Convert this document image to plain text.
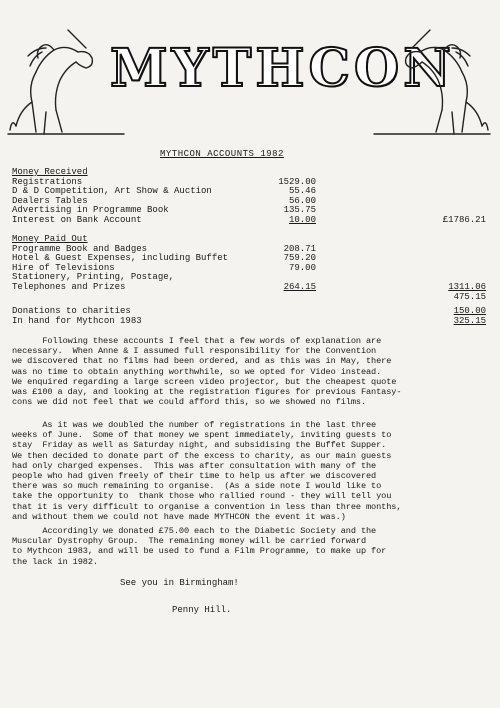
MYTHCON
MYTHCON ACCOUNTS 1982
Money Received
Registrations	1529.00
D & D Competition, Art Show & Auction	55.46
Dealers Tables	56.00
Advertising in Programme Book	135.75
Interest on Bank Account	10.00	£1786.21
Money Paid Out
Programme Book and Badges	208.71
Hotel & Guest Expenses, including Buffet	759.20
Hire of Televisions	79.00
Stationery, Printing, Postage,
Telephones and Prizes	264.15	1311.06
475.15
Donations to charities	150.00
In hand for Mythcon 1983	325.15
Following these accounts I feel that a few words of explanation are
necessary.  When Anne & I assumed full responsibility for the Convention
we discovered that no films had been ordered, and as this was in May, there
was no time to obtain anything worthwhile, so we opted for Video instead.
We enquired regarding a large screen video projector, but the cheapest quote
was £100 a day, and looking at the registration figures for previous Fantasy-
cons we did not feel that we could afford this, so we showed no films.
As it was we doubled the number of registrations in the last three
weeks of June.  Some of that money we spent immediately, inviting guests to
stay  Friday as well as Saturday night, and subsidising the Buffet Supper.
We then decided to donate part of the excess to charity, as our main guests
had only charged expenses.  This was after consultation with many of the
people who had given freely of their time to help us after we discovered
there was so much remaining to organise.  (As a side note I would like to
take the opportunity to  thank those who rallied round - they will tell you
that it is very difficult to organise a convention in less than three months,
and without them we could not have made MYTHCON the event it was.)
Accordingly we donated £75.00 each to the Diabetic Society and the
Muscular Dystrophy Group.  The remaining money will be carried forward
to Mythcon 1983, and will be used to fund a Film Programme, to make up for
the lack in 1982.
See you in Birmingham!
Penny Hill.
